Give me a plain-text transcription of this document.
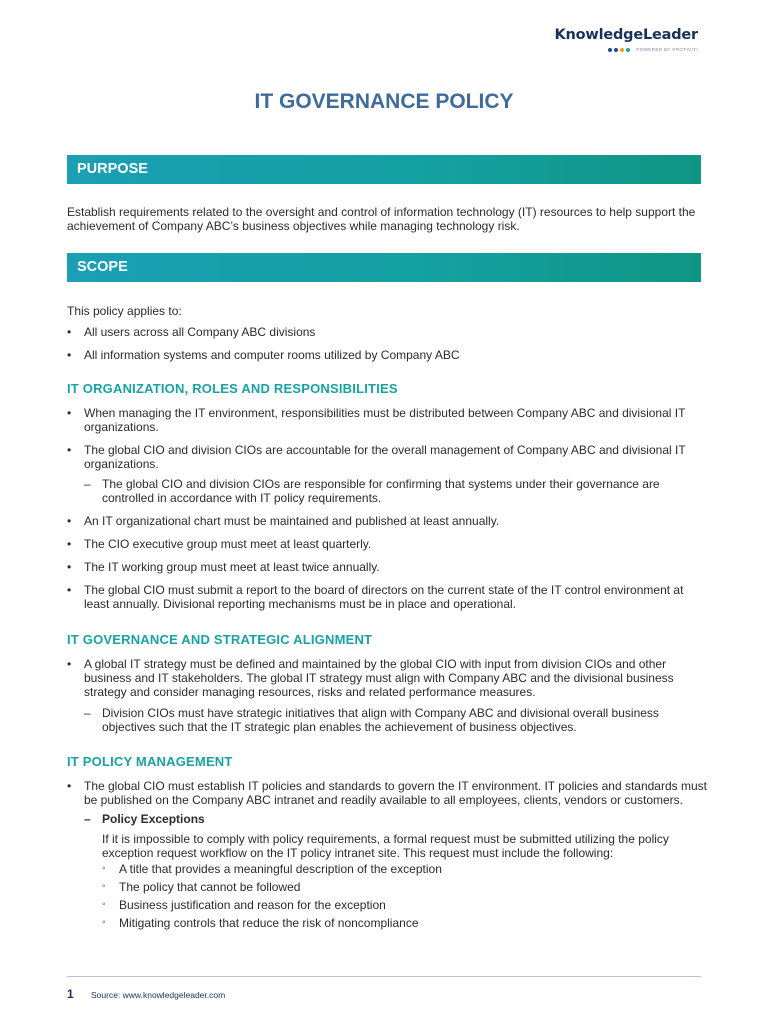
KnowledgeLeader
POWERED BY PROTIVITI
IT GOVERNANCE POLICY
PURPOSE

Establish requirements related to the oversight and control of information technology (IT) resources to help support the achievement of Company ABC’s business objectives while managing technology risk.

SCOPE

This policy applies to:

• All users across all Company ABC divisions
• All information systems and computer rooms utilized by Company ABC
IT ORGANIZATION, ROLES AND RESPONSIBILITIES
• When managing the IT environment, responsibilities must be distributed between Company ABC and divisional IT organizations.
• The global CIO and division CIOs are accountable for the overall management of Company ABC and divisional IT organizations.
– The global CIO and division CIOs are responsible for confirming that systems under their governance are controlled in accordance with IT policy requirements.
• An IT organizational chart must be maintained and published at least annually.
• The CIO executive group must meet at least quarterly.
• The IT working group must meet at least twice annually.
• The global CIO must submit a report to the board of directors on the current state of the IT control environment at least annually. Divisional reporting mechanisms must be in place and operational.
IT GOVERNANCE AND STRATEGIC ALIGNMENT
• A global IT strategy must be defined and maintained by the global CIO with input from division CIOs and other business and IT stakeholders. The global IT strategy must align with Company ABC and the divisional business strategy and consider managing resources, risks and related performance measures.
– Division CIOs must have strategic initiatives that align with Company ABC and divisional overall business objectives such that the IT strategic plan enables the achievement of business objectives.
IT POLICY MANAGEMENT
• The global CIO must establish IT policies and standards to govern the IT environment. IT policies and standards must be published on the Company ABC intranet and readily available to all employees, clients, vendors or customers.
– Policy Exceptions
If it is impossible to comply with policy requirements, a formal request must be submitted utilizing the policy exception request workflow on the IT policy intranet site. This request must include the following:
◦ A title that provides a meaningful description of the exception
◦ The policy that cannot be followed
◦ Business justification and reason for the exception
◦ Mitigating controls that reduce the risk of noncompliance
1 Source: www.knowledgeleader.com
